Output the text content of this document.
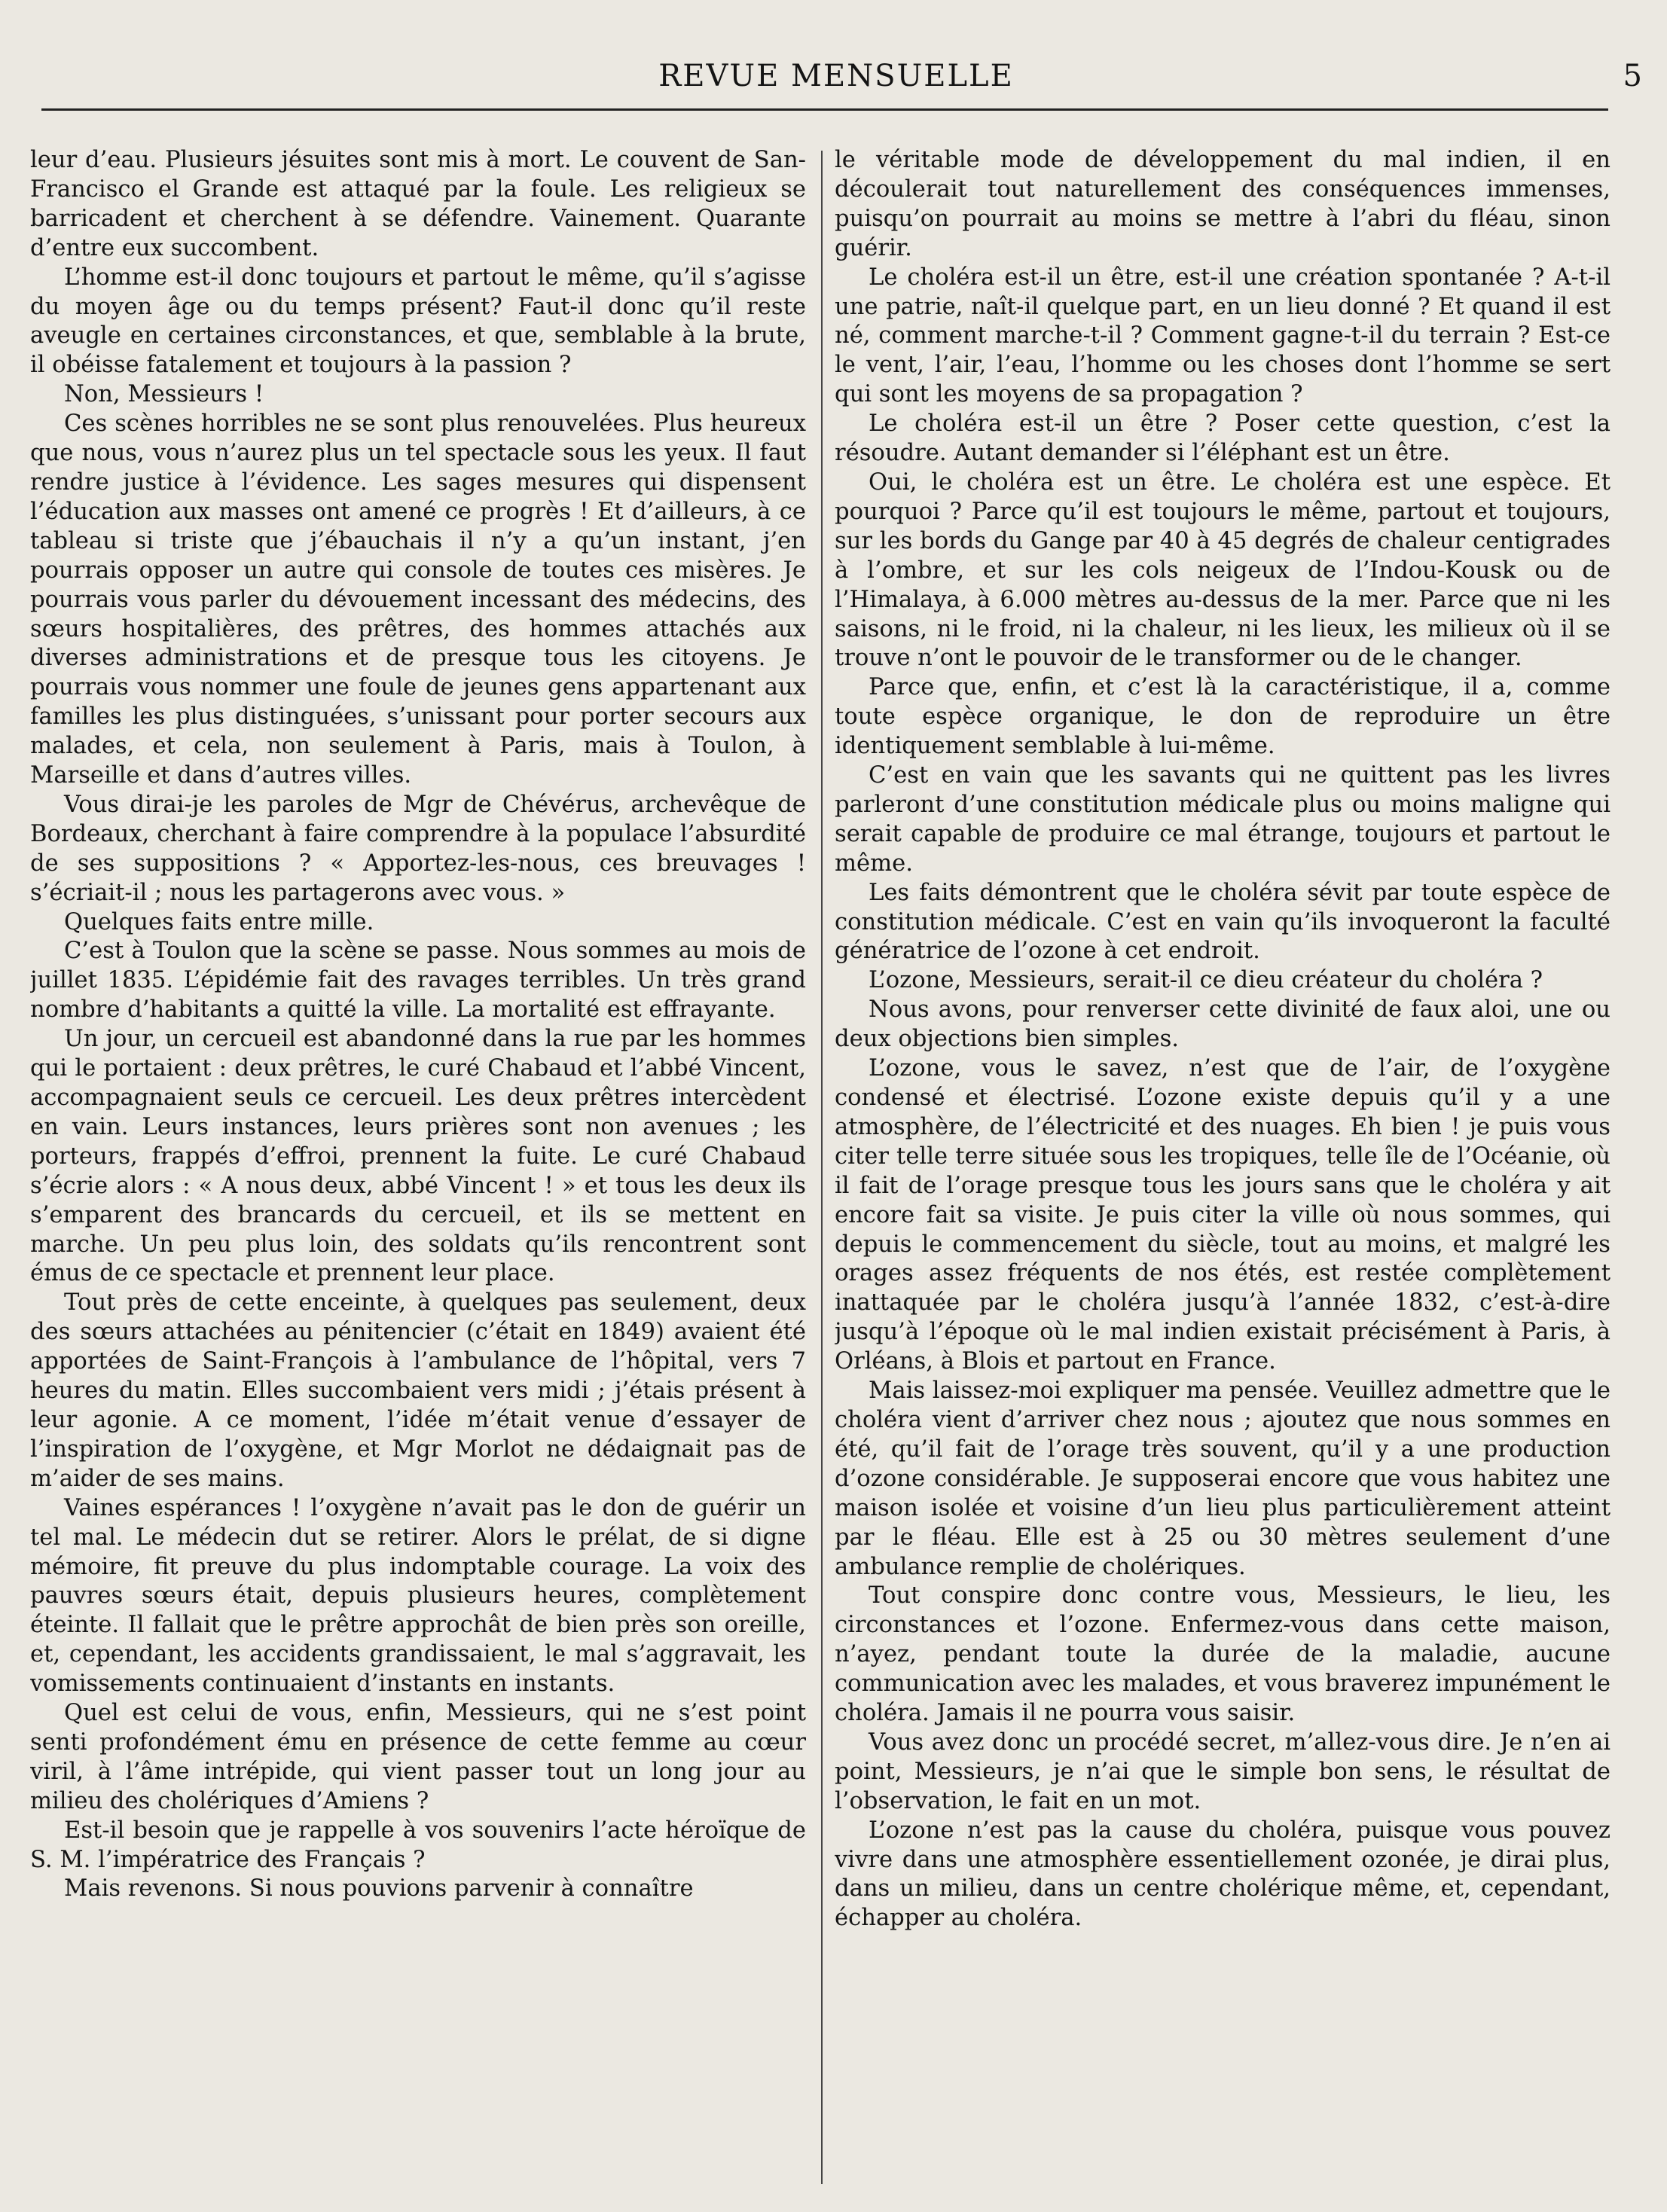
REVUE MENSUELLE	5

leur d’eau. Plusieurs jésuites sont mis à mort. Le couvent de San-Francisco el Grande est attaqué par la foule. Les religieux se barricadent et cherchent à se défendre. Vainement. Quarante d’entre eux succombent.

L’homme est-il donc toujours et partout le même, qu’il s’agisse du moyen âge ou du temps présent? Faut-il donc qu’il reste aveugle en certaines circonstances, et que, semblable à la brute, il obéisse fatalement et toujours à la passion ?

Non, Messieurs !

Ces scènes horribles ne se sont plus renouvelées. Plus heureux que nous, vous n’aurez plus un tel spectacle sous les yeux. Il faut rendre justice à l’évidence. Les sages mesures qui dispensent l’éducation aux masses ont amené ce progrès ! Et d’ailleurs, à ce tableau si triste que j’ébauchais il n’y a qu’un instant, j’en pourrais opposer un autre qui console de toutes ces misères. Je pourrais vous parler du dévouement incessant des médecins, des sœurs hospitalières, des prêtres, des hommes attachés aux diverses administrations et de presque tous les citoyens. Je pourrais vous nommer une foule de jeunes gens appartenant aux familles les plus distinguées, s’unissant pour porter secours aux malades, et cela, non seulement à Paris, mais à Toulon, à Marseille et dans d’autres villes.

Vous dirai-je les paroles de Mgr de Chévérus, archevêque de Bordeaux, cherchant à faire comprendre à la populace l’absurdité de ses suppositions ? « Apportez-les-nous, ces breuvages ! s’écriait-il ; nous les partagerons avec vous. »

Quelques faits entre mille.

C’est à Toulon que la scène se passe. Nous sommes au mois de juillet 1835. L’épidémie fait des ravages terribles. Un très grand nombre d’habitants a quitté la ville. La mortalité est effrayante.

Un jour, un cercueil est abandonné dans la rue par les hommes qui le portaient : deux prêtres, le curé Chabaud et l’abbé Vincent, accompagnaient seuls ce cercueil. Les deux prêtres intercèdent en vain. Leurs instances, leurs prières sont non avenues ; les porteurs, frappés d’effroi, prennent la fuite. Le curé Chabaud s’écrie alors : « A nous deux, abbé Vincent ! » et tous les deux ils s’emparent des brancards du cercueil, et ils se mettent en marche. Un peu plus loin, des soldats qu’ils rencontrent sont émus de ce spectacle et prennent leur place.

Tout près de cette enceinte, à quelques pas seulement, deux des sœurs attachées au pénitencier (c’était en 1849) avaient été apportées de Saint-François à l’ambulance de l’hôpital, vers 7 heures du matin. Elles succombaient vers midi ; j’étais présent à leur agonie. A ce moment, l’idée m’était venue d’essayer de l’inspiration de l’oxygène, et Mgr Morlot ne dédaignait pas de m’aider de ses mains.

Vaines espérances ! l’oxygène n’avait pas le don de guérir un tel mal. Le médecin dut se retirer. Alors le prélat, de si digne mémoire, fit preuve du plus indomptable courage. La voix des pauvres sœurs était, depuis plusieurs heures, complètement éteinte. Il fallait que le prêtre approchât de bien près son oreille, et, cependant, les accidents grandissaient, le mal s’aggravait, les vomissements continuaient d’instants en instants.

Quel est celui de vous, enfin, Messieurs, qui ne s’est point senti profondément ému en présence de cette femme au cœur viril, à l’âme intrépide, qui vient passer tout un long jour au milieu des cholériques d’Amiens ?

Est-il besoin que je rappelle à vos souvenirs l’acte héroïque de S. M. l’impératrice des Français ?

Mais revenons. Si nous pouvions parvenir à connaître

le véritable mode de développement du mal indien, il en découlerait tout naturellement des conséquences immenses, puisqu’on pourrait au moins se mettre à l’abri du fléau, sinon guérir.

Le choléra est-il un être, est-il une création spontanée ? A-t-il une patrie, naît-il quelque part, en un lieu donné ? Et quand il est né, comment marche-t-il ? Comment gagne-t-il du terrain ? Est-ce le vent, l’air, l’eau, l’homme ou les choses dont l’homme se sert qui sont les moyens de sa propagation ?

Le choléra est-il un être ? Poser cette question, c’est la résoudre. Autant demander si l’éléphant est un être.

Oui, le choléra est un être. Le choléra est une espèce. Et pourquoi ? Parce qu’il est toujours le même, partout et toujours, sur les bords du Gange par 40 à 45 degrés de chaleur centigrades à l’ombre, et sur les cols neigeux de l’Indou-Kousk ou de l’Himalaya, à 6.000 mètres au-dessus de la mer. Parce que ni les saisons, ni le froid, ni la chaleur, ni les lieux, les milieux où il se trouve n’ont le pouvoir de le transformer ou de le changer.

Parce que, enfin, et c’est là la caractéristique, il a, comme toute espèce organique, le don de reproduire un être identiquement semblable à lui-même.

C’est en vain que les savants qui ne quittent pas les livres parleront d’une constitution médicale plus ou moins maligne qui serait capable de produire ce mal étrange, toujours et partout le même.

Les faits démontrent que le choléra sévit par toute espèce de constitution médicale. C’est en vain qu’ils invoqueront la faculté génératrice de l’ozone à cet endroit.

L’ozone, Messieurs, serait-il ce dieu créateur du choléra ?

Nous avons, pour renverser cette divinité de faux aloi, une ou deux objections bien simples.

L’ozone, vous le savez, n’est que de l’air, de l’oxygène condensé et électrisé. L’ozone existe depuis qu’il y a une atmosphère, de l’électricité et des nuages. Eh bien ! je puis vous citer telle terre située sous les tropiques, telle île de l’Océanie, où il fait de l’orage presque tous les jours sans que le choléra y ait encore fait sa visite. Je puis citer la ville où nous sommes, qui depuis le commencement du siècle, tout au moins, et malgré les orages assez fréquents de nos étés, est restée complètement inattaquée par le choléra jusqu’à l’année 1832, c’est-à-dire jusqu’à l’époque où le mal indien existait précisément à Paris, à Orléans, à Blois et partout en France.

Mais laissez-moi expliquer ma pensée. Veuillez admettre que le choléra vient d’arriver chez nous ; ajoutez que nous sommes en été, qu’il fait de l’orage très souvent, qu’il y a une production d’ozone considérable. Je supposerai encore que vous habitez une maison isolée et voisine d’un lieu plus particulièrement atteint par le fléau. Elle est à 25 ou 30 mètres seulement d’une ambulance remplie de cholériques.

Tout conspire donc contre vous, Messieurs, le lieu, les circonstances et l’ozone. Enfermez-vous dans cette maison, n’ayez, pendant toute la durée de la maladie, aucune communication avec les malades, et vous braverez impunément le choléra. Jamais il ne pourra vous saisir.

Vous avez donc un procédé secret, m’allez-vous dire. Je n’en ai point, Messieurs, je n’ai que le simple bon sens, le résultat de l’observation, le fait en un mot.

L’ozone n’est pas la cause du choléra, puisque vous pouvez vivre dans une atmosphère essentiellement ozonée, je dirai plus, dans un milieu, dans un centre cholérique même, et, cependant, échapper au choléra.
